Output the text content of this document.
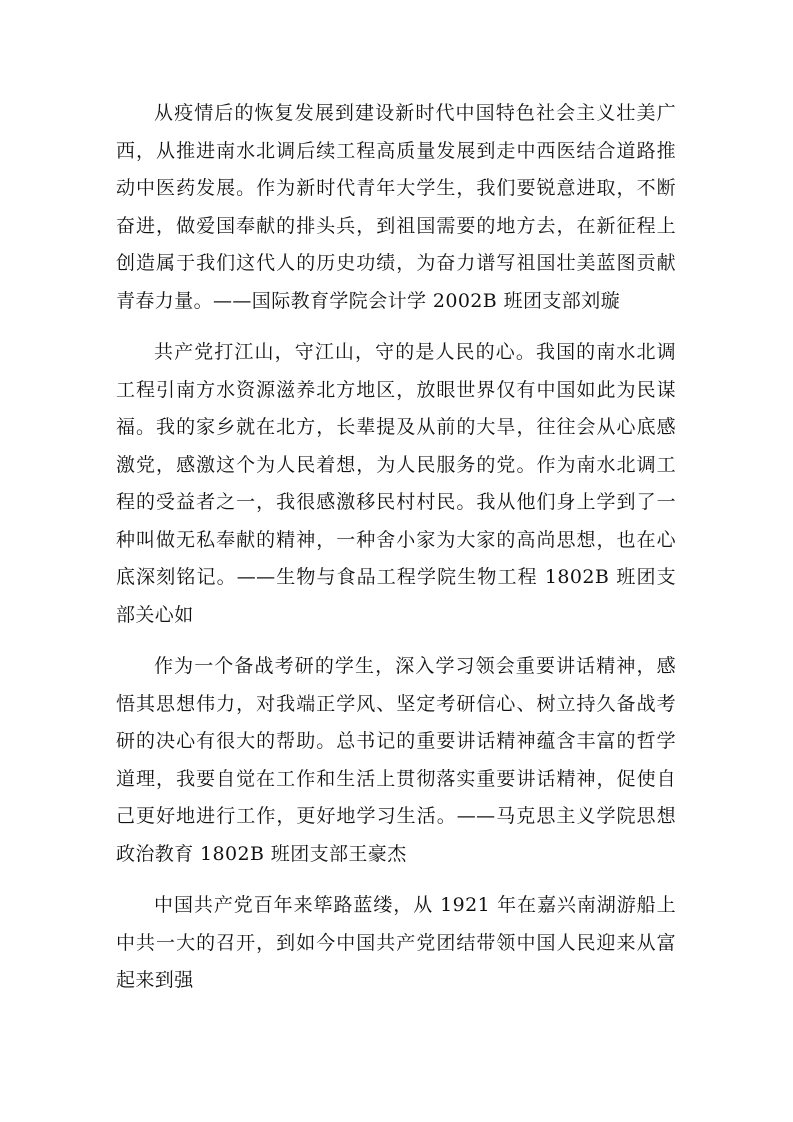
从疫情后的恢复发展到建设新时代中国特色社会主义壮美广西，从推进南水北调后续工程高质量发展到走中西医结合道路推动中医药发展。作为新时代青年大学生，我们要锐意进取，不断奋进，做爱国奉献的排头兵，到祖国需要的地方去，在新征程上创造属于我们这代人的历史功绩，为奋力谱写祖国壮美蓝图贡献青春力量。——国际教育学院会计学 2002B 班团支部刘璇

共产党打江山，守江山，守的是人民的心。我国的南水北调工程引南方水资源滋养北方地区，放眼世界仅有中国如此为民谋福。我的家乡就在北方，长辈提及从前的大旱，往往会从心底感激党，感激这个为人民着想，为人民服务的党。作为南水北调工程的受益者之一，我很感激移民村村民。我从他们身上学到了一种叫做无私奉献的精神，一种舍小家为大家的高尚思想，也在心底深刻铭记。——生物与食品工程学院生物工程 1802B 班团支部关心如

作为一个备战考研的学生，深入学习领会重要讲话精神，感悟其思想伟力，对我端正学风、坚定考研信心、树立持久备战考研的决心有很大的帮助。总书记的重要讲话精神蕴含丰富的哲学道理，我要自觉在工作和生活上贯彻落实重要讲话精神，促使自己更好地进行工作，更好地学习生活。——马克思主义学院思想政治教育 1802B 班团支部王豪杰

中国共产党百年来筚路蓝缕，从 1921 年在嘉兴南湖游船上中共一大的召开，到如今中国共产党团结带领中国人民迎来从富起来到强
